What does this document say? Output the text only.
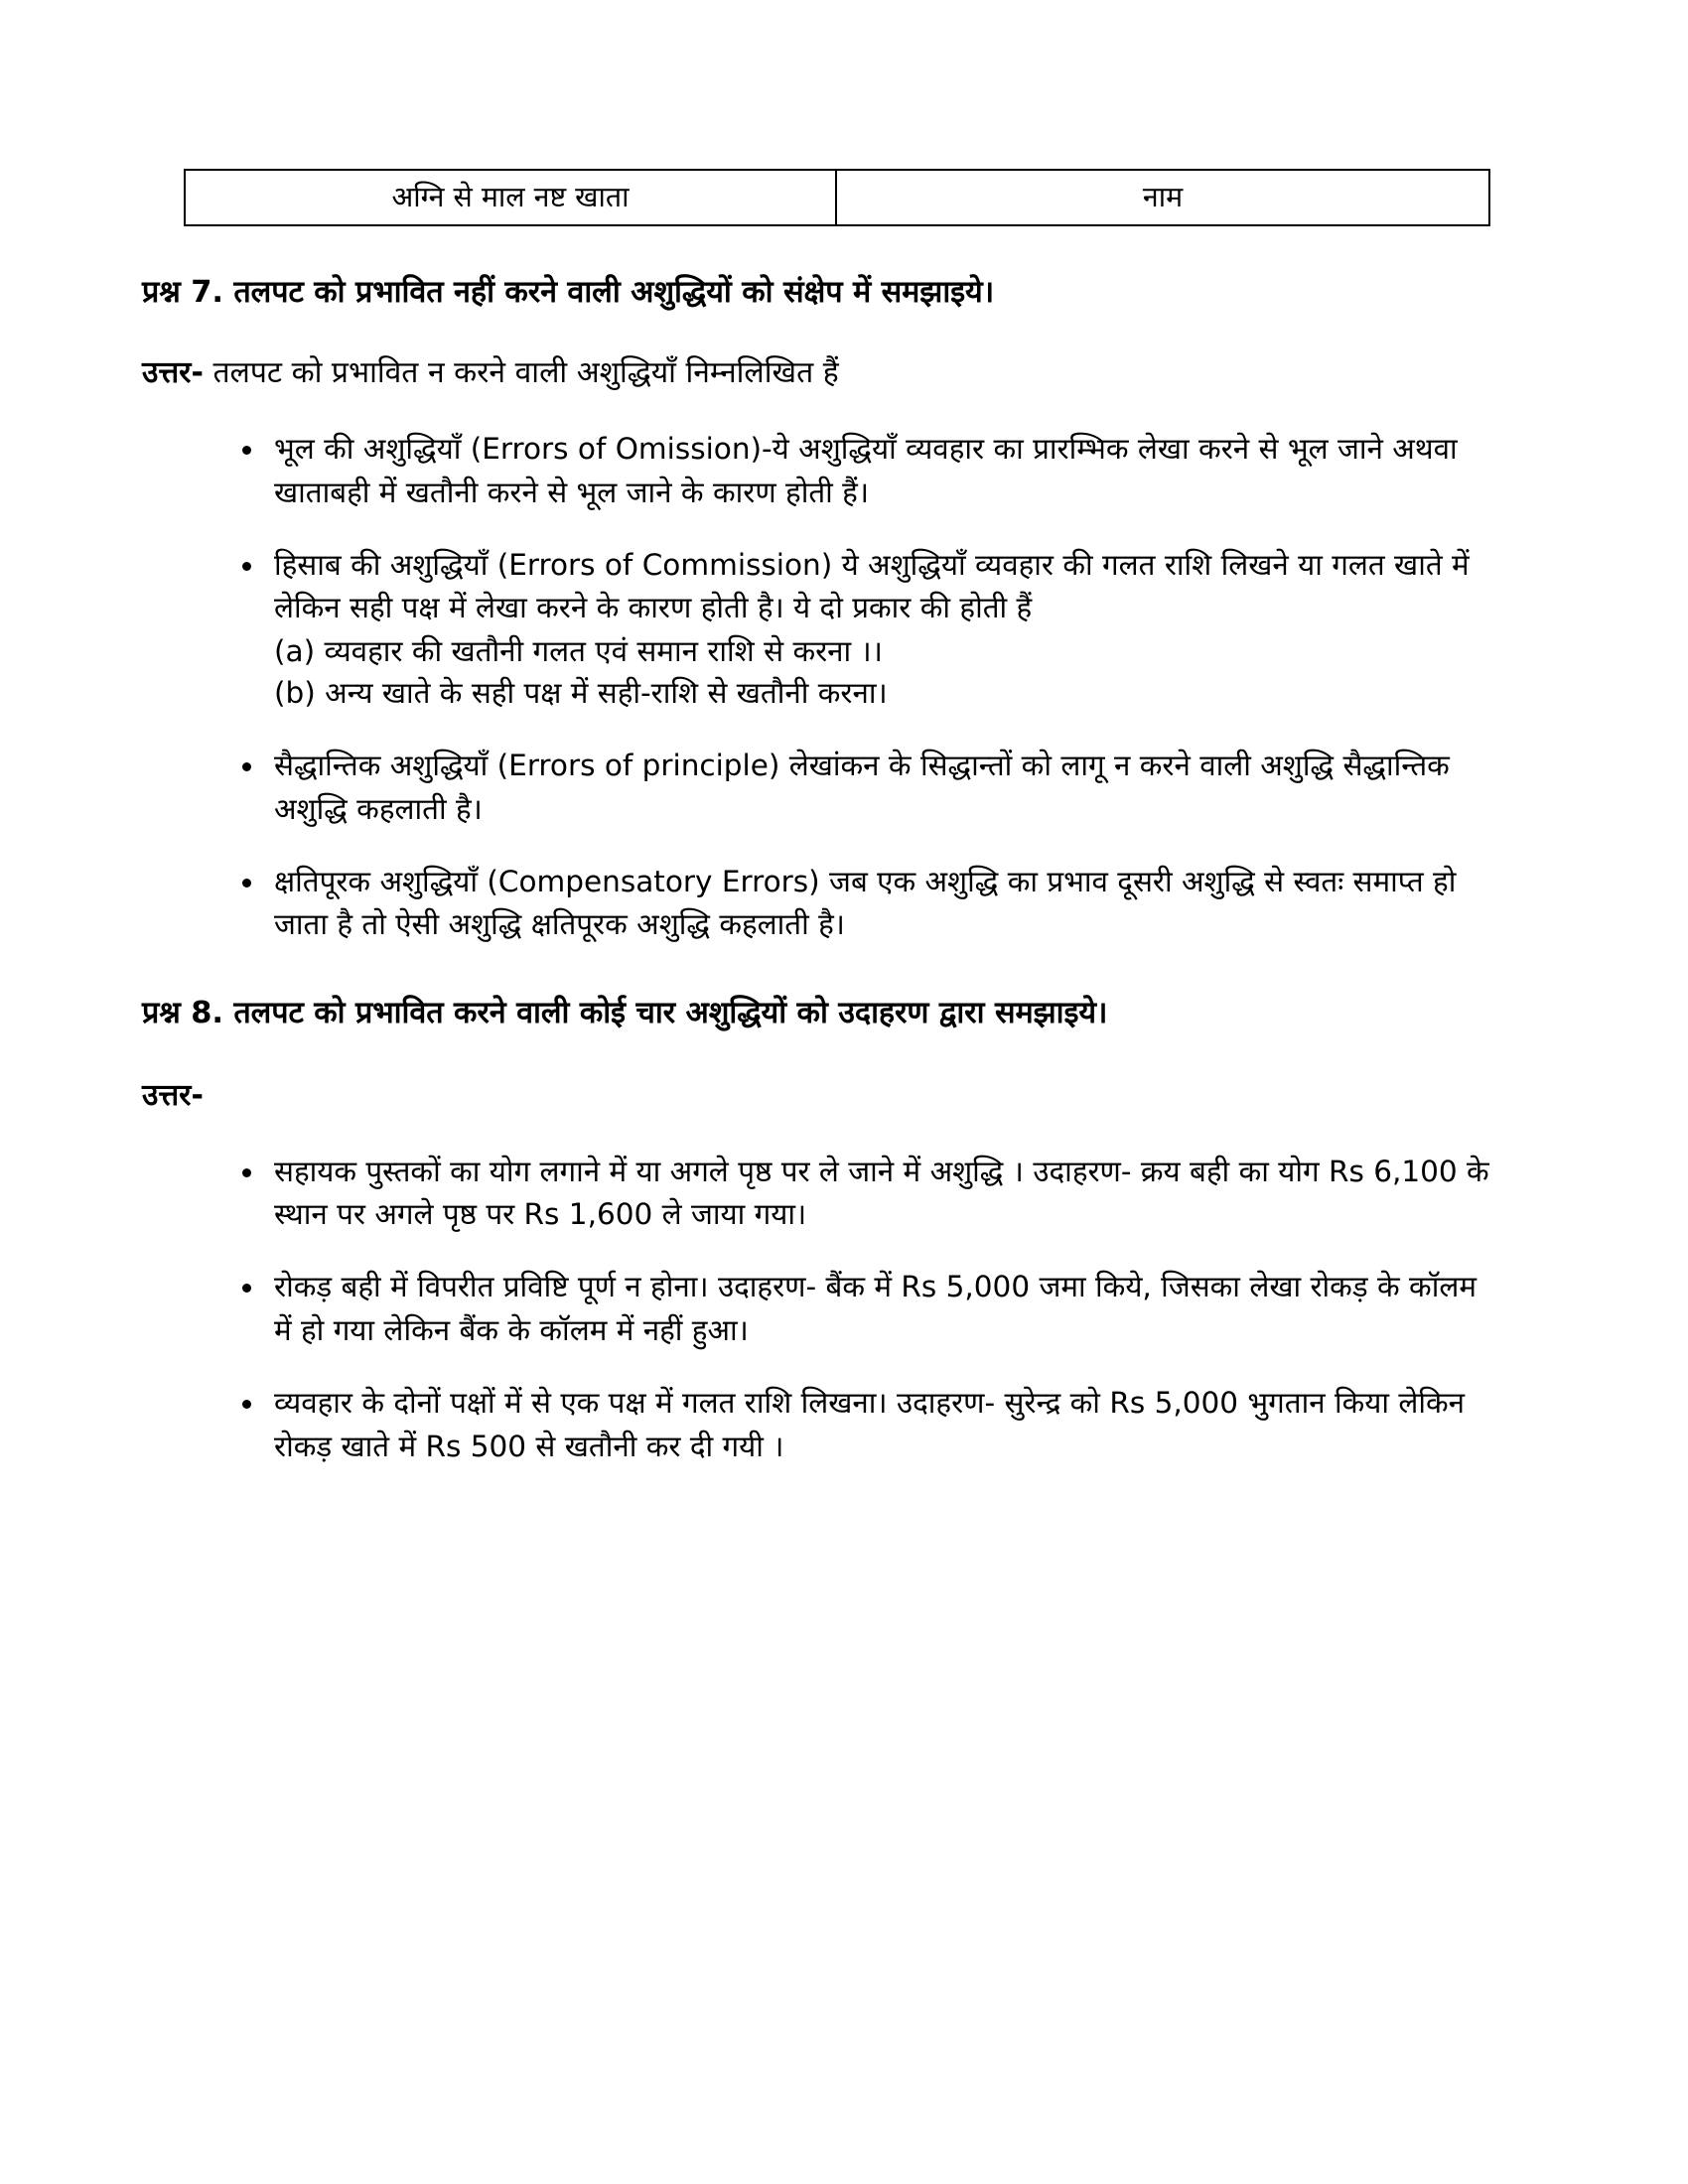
अग्नि से माल नष्ट खाता	नाम
प्रश्न 7. तलपट को प्रभावित नहीं करने वाली अशुद्धियों को संक्षेप में समझाइये।
उत्तर- तलपट को प्रभावित न करने वाली अशुद्धियाँ निम्नलिखित हैं
भूल की अशुद्धियाँ (Errors of Omission)-ये अशुद्धियाँ व्यवहार का प्रारम्भिक लेखा करने से भूल जाने अथवा खाताबही में खतौनी करने से भूल जाने के कारण होती हैं।
हिसाब की अशुद्धियाँ (Errors of Commission) ये अशुद्धियाँ व्यवहार की गलत राशि लिखने या गलत खाते में लेकिन सही पक्ष में लेखा करने के कारण होती है। ये दो प्रकार की होती हैं
(a) व्यवहार की खतौनी गलत एवं समान राशि से करना ।।
(b) अन्य खाते के सही पक्ष में सही-राशि से खतौनी करना।
सैद्धान्तिक अशुद्धियाँ (Errors of principle) लेखांकन के सिद्धान्तों को लागू न करने वाली अशुद्धि सैद्धान्तिक अशुद्धि कहलाती है।
क्षतिपूरक अशुद्धियाँ (Compensatory Errors) जब एक अशुद्धि का प्रभाव दूसरी अशुद्धि से स्वतः समाप्त हो जाता है तो ऐसी अशुद्धि क्षतिपूरक अशुद्धि कहलाती है।
प्रश्न 8. तलपट को प्रभावित करने वाली कोई चार अशुद्धियों को उदाहरण द्वारा समझाइये।
उत्तर-
सहायक पुस्तकों का योग लगाने में या अगले पृष्ठ पर ले जाने में अशुद्धि । उदाहरण- क्रय बही का योग Rs 6,100 के स्थान पर अगले पृष्ठ पर Rs 1,600 ले जाया गया।
रोकड़ बही में विपरीत प्रविष्टि पूर्ण न होना। उदाहरण- बैंक में Rs 5,000 जमा किये, जिसका लेखा रोकड़ के कॉलम में हो गया लेकिन बैंक के कॉलम में नहीं हुआ।
व्यवहार के दोनों पक्षों में से एक पक्ष में गलत राशि लिखना। उदाहरण- सुरेन्द्र को Rs 5,000 भुगतान किया लेकिन रोकड़ खाते में Rs 500 से खतौनी कर दी गयी ।
